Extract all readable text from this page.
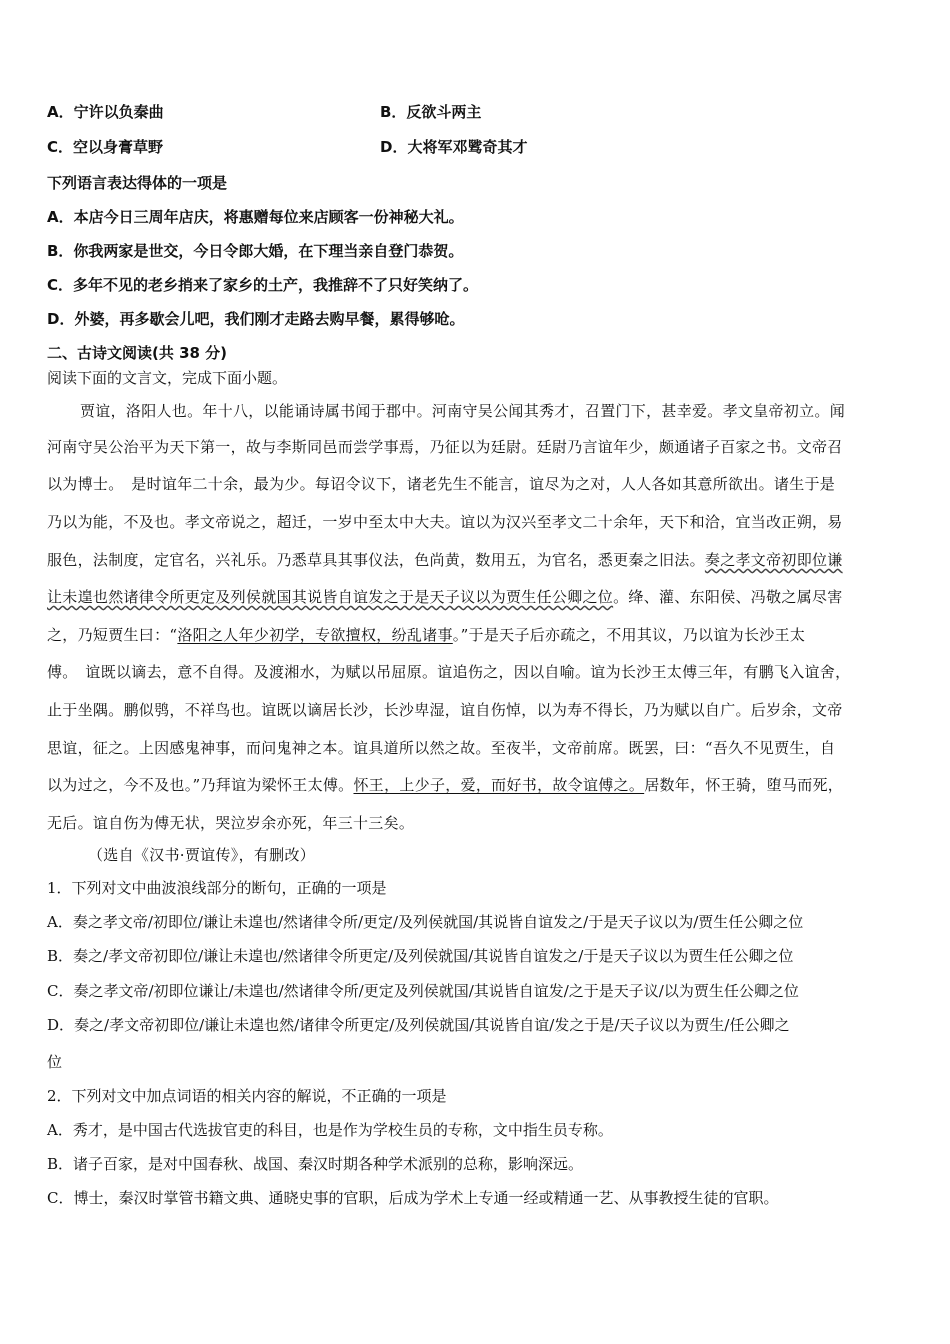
A．宁许以负秦曲	B．反欲斗两主
C．空以身膏草野	D．大将军邓骘奇其才
下列语言表达得体的一项是
A．本店今日三周年店庆，将惠赠每位来店顾客一份神秘大礼。
B．你我两家是世交，今日令郎大婚，在下理当亲自登门恭贺。
C．多年不见的老乡捎来了家乡的土产，我推辞不了只好笑纳了。
D．外婆，再多歇会儿吧，我们刚才走路去购早餐，累得够呛。
二、古诗文阅读(共 38 分)
阅读下面的文言文，完成下面小题。
贾谊，洛阳人也。年十八，以能诵诗属书闻于郡中。河南守吴公闻其秀才，召置门下，甚幸爱。孝文皇帝初立。闻
河南守吴公治平为天下第一，故与李斯同邑而尝学事焉，乃征以为廷尉。廷尉乃言谊年少，颇通诸子百家之书。文帝召
以为博士。　是时谊年二十余，最为少。每诏令议下，诸老先生不能言，谊尽为之对，人人各如其意所欲出。诸生于是
乃以为能，不及也。孝文帝说之，超迁，一岁中至太中大夫。谊以为汉兴至孝文二十余年，天下和洽，宜当改正朔，易
服色，法制度，定官名，兴礼乐。乃悉草具其事仪法，色尚黄，数用五，为官名，悉更秦之旧法。奏之孝文帝初即位谦
让未遑也然诸律令所更定及列侯就国其说皆自谊发之于是天子议以为贾生任公卿之位。绛、灌、东阳侯、冯敬之属尽害
之，乃短贾生曰：“洛阳之人年少初学，专欲擅权，纷乱诸事。”于是天子后亦疏之，不用其议，乃以谊为长沙王太
傅。　谊既以谪去，意不自得。及渡湘水，为赋以吊屈原。谊追伤之，因以自喻。谊为长沙王太傅三年，有鹏飞入谊舍，
止于坐隅。鹏似鸮，不祥鸟也。谊既以谪居长沙，长沙卑湿，谊自伤悼，以为寿不得长，乃为赋以自广。后岁余，文帝
思谊，征之。上因感鬼神事，而问鬼神之本。谊具道所以然之故。至夜半，文帝前席。既罢，曰：“吾久不见贾生，自
以为过之，今不及也。”乃拜谊为梁怀王太傅。怀王，上少子，爱，而好书，故令谊傅之。居数年，怀王骑，堕马而死，
无后。谊自伤为傅无状，哭泣岁余亦死，年三十三矣。
（选自《汉书·贾谊传》，有删改）
1．下列对文中曲波浪线部分的断句，正确的一项是
A．奏之孝文帝/初即位/谦让未遑也/然诸律令所/更定/及列侯就国/其说皆自谊发之/于是天子议以为/贾生任公卿之位
B．奏之/孝文帝初即位/谦让未遑也/然诸律令所更定/及列侯就国/其说皆自谊发之/于是天子议以为贾生任公卿之位
C．奏之孝文帝/初即位谦让/未遑也/然诸律令所/更定及列侯就国/其说皆自谊发/之于是天子议/以为贾生任公卿之位
D．奏之/孝文帝初即位/谦让未遑也然/诸律令所更定/及列侯就国/其说皆自谊/发之于是/天子议以为贾生/任公卿之
位
2．下列对文中加点词语的相关内容的解说，不正确的一项是
A．秀才，是中国古代选拔官吏的科目，也是作为学校生员的专称，文中指生员专称。
B．诸子百家，是对中国春秋、战国、秦汉时期各种学术派别的总称，影响深远。
C．博士，秦汉时掌管书籍文典、通晓史事的官职，后成为学术上专通一经或精通一艺、从事教授生徒的官职。
